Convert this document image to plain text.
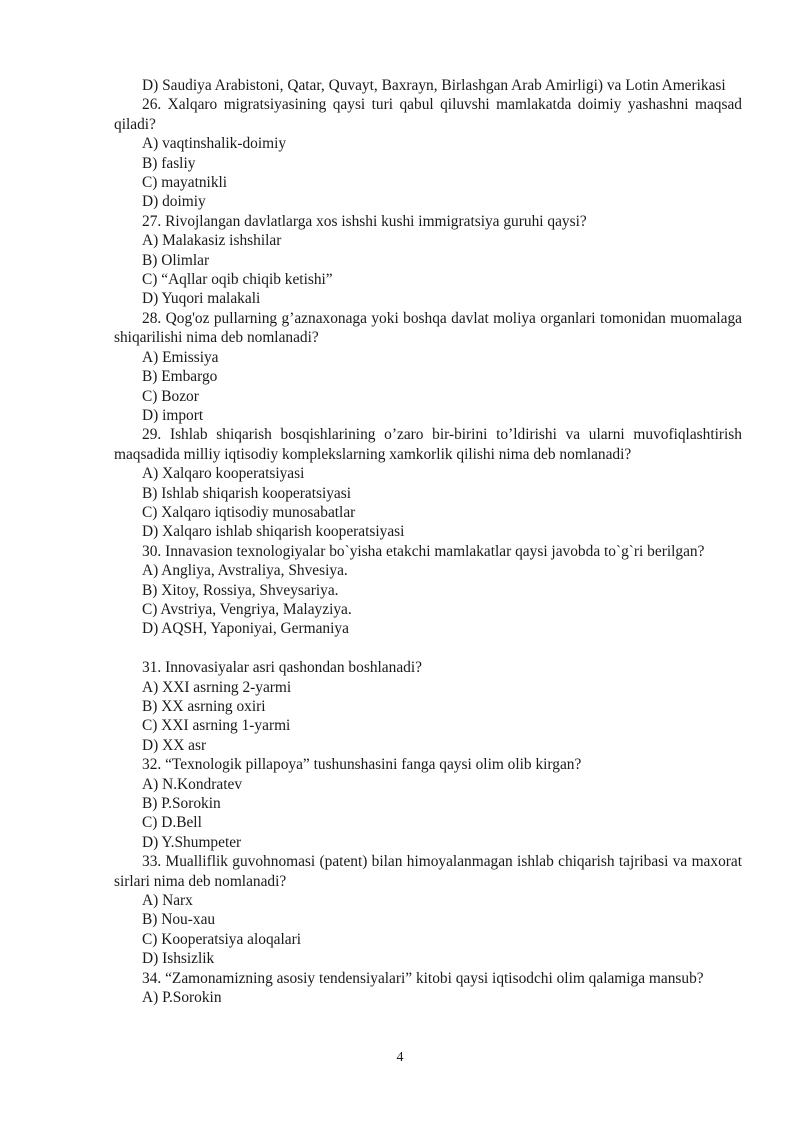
D) Saudiya Arabistoni, Qatar, Quvayt, Baxrayn, Birlashgan Arab Amirligi) va Lotin Amerikasi

26. Xalqaro migratsiyasining qaysi turi qabul qiluvshi mamlakatda doimiy yashashni maqsad qiladi?

A) vaqtinshalik-doimiy
B) fasliy
C) mayatnikli
D) doimiy

27. Rivojlangan davlatlarga xos ishshi kushi immigratsiya guruhi qaysi?

A) Malakasiz ishshilar
B) Olimlar
C) “Aqllar oqib chiqib ketishi”
D) Yuqori malakali

28. Qog'oz pullarning g’aznaxonaga yoki boshqa davlat moliya organlari tomonidan muomalaga shiqarilishi nima deb nomlanadi?

A) Emissiya
B) Embargo
C) Bozor
D) import

29. Ishlab shiqarish bosqishlarining o’zaro bir-birini to’ldirishi va ularni muvofiqlashtirish maqsadida milliy iqtisodiy komplekslarning xamkorlik qilishi nima deb nomlanadi?

A) Xalqaro kooperatsiyasi
B) Ishlab shiqarish kooperatsiyasi
C) Xalqaro iqtisodiy munosabatlar
D) Xalqaro ishlab shiqarish kooperatsiyasi

30. Innavasion texnologiyalar bo`yisha etakchi mamlakatlar qaysi javobda to`g`ri berilgan?

A) Angliya, Avstraliya, Shvesiya.
B) Xitoy, Rossiya, Shveysariya.
C) Avstriya, Vengriya, Malayziya.
D) AQSH, Yaponiyai, Germaniya

31. Innovasiyalar asri qashondan boshlanadi?

A) XXI asrning 2-yarmi
B) XX asrning oxiri
C) XXI asrning 1-yarmi
D) XX asr

32. “Texnologik pillapoya” tushunshasini fanga qaysi olim olib kirgan?

A) N.Kondratev
B) P.Sorokin
C) D.Bell
D) Y.Shumpeter

33. Mualliflik guvohnomasi (patent) bilan himoyalanmagan ishlab chiqarish tajribasi va maxorat sirlari nima deb nomlanadi?

A) Narx
B) Nou-xau
C) Kooperatsiya aloqalari
D) Ishsizlik

34. “Zamonamizning asosiy tendensiyalari” kitobi qaysi iqtisodchi olim qalamiga mansub?

A) P.Sorokin
4
